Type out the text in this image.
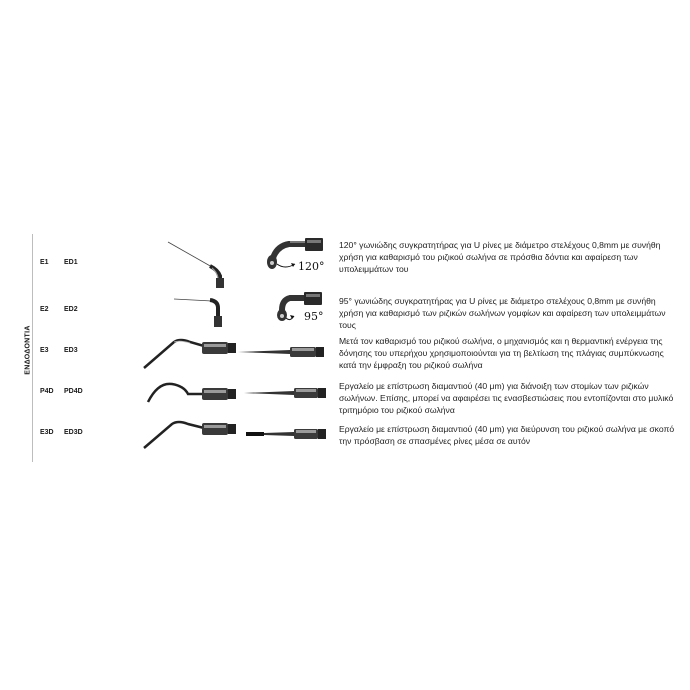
ΕΝΔΟΔΟΝΤΙΑ
E1 ED1	120°
120° γωνιώδης συγκρατητήρας για U ρίνες με διάμετρο στελέχους 0,8mm με συνήθη χρήση για καθαρισμό του ριζικού σωλήνα σε πρόσθια δόντια και αφαίρεση των υπολειμμάτων του
E2 ED2
95°
95° γωνιώδης συγκρατητήρας για U ρίνες με διάμετρο στελέχους 0,8mm με συνήθη χρήση για καθαρισμό των ριζικών σωλήνων γομφίων και αφαίρεση των υπολειμμάτων τους
E3 ED3
Μετά τον καθαρισμό του ριζικού σωλήνα, ο μηχανισμός και η θερμαντική ενέργεια της δόνησης του υπερήχου χρησιμοποιούνται για τη βελτίωση της πλάγιας συμπύκνωσης κατά την έμφραξη του ριζικού σωλήνα
P4D PD4D
Εργαλείο με επίστρωση διαμαντιού (40 μm) για διάνοιξη των στομίων των ριζικών σωλήνων. Επίσης, μπορεί να αφαιρέσει τις ενασβεστιώσεις που εντοπίζονται στο μυλικό τριτημόριο του ριζικού σωλήνα
E3D ED3D	Εργαλείο με επίστρωση διαμαντιού (40 μm) για διεύρυνση του ριζικού σωλήνα με σκοπό την πρόσβαση σε σπασμένες ρίνες μέσα σε αυτόν
